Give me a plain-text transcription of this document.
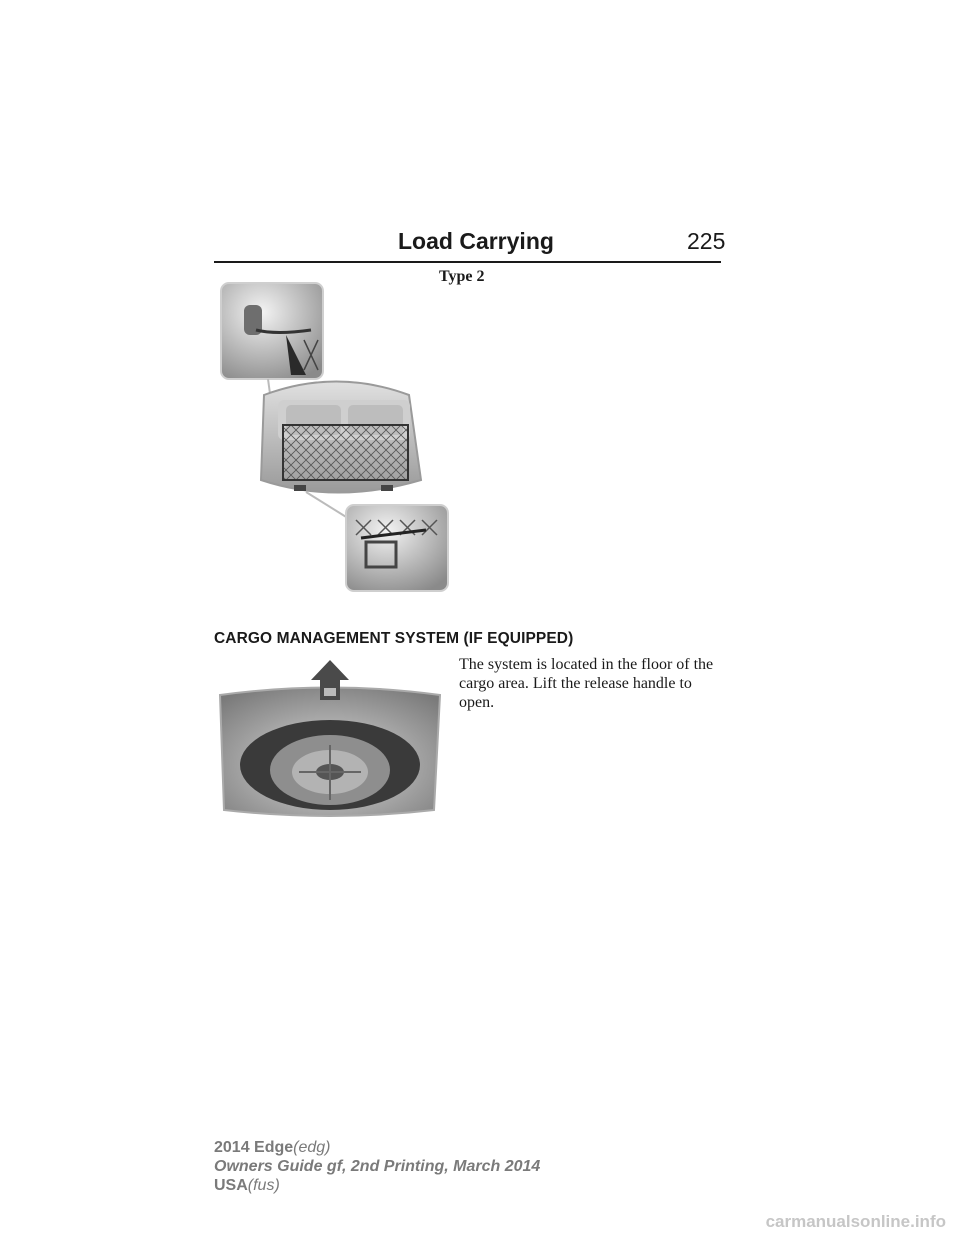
Load Carrying	225
Type 2
CARGO MANAGEMENT SYSTEM (IF EQUIPPED)
The system is located in the floor of the cargo area. Lift the release handle to open.
2014 Edge(edg)
Owners Guide gf, 2nd Printing, March 2014
USA(fus)
carmanualsonline.info
